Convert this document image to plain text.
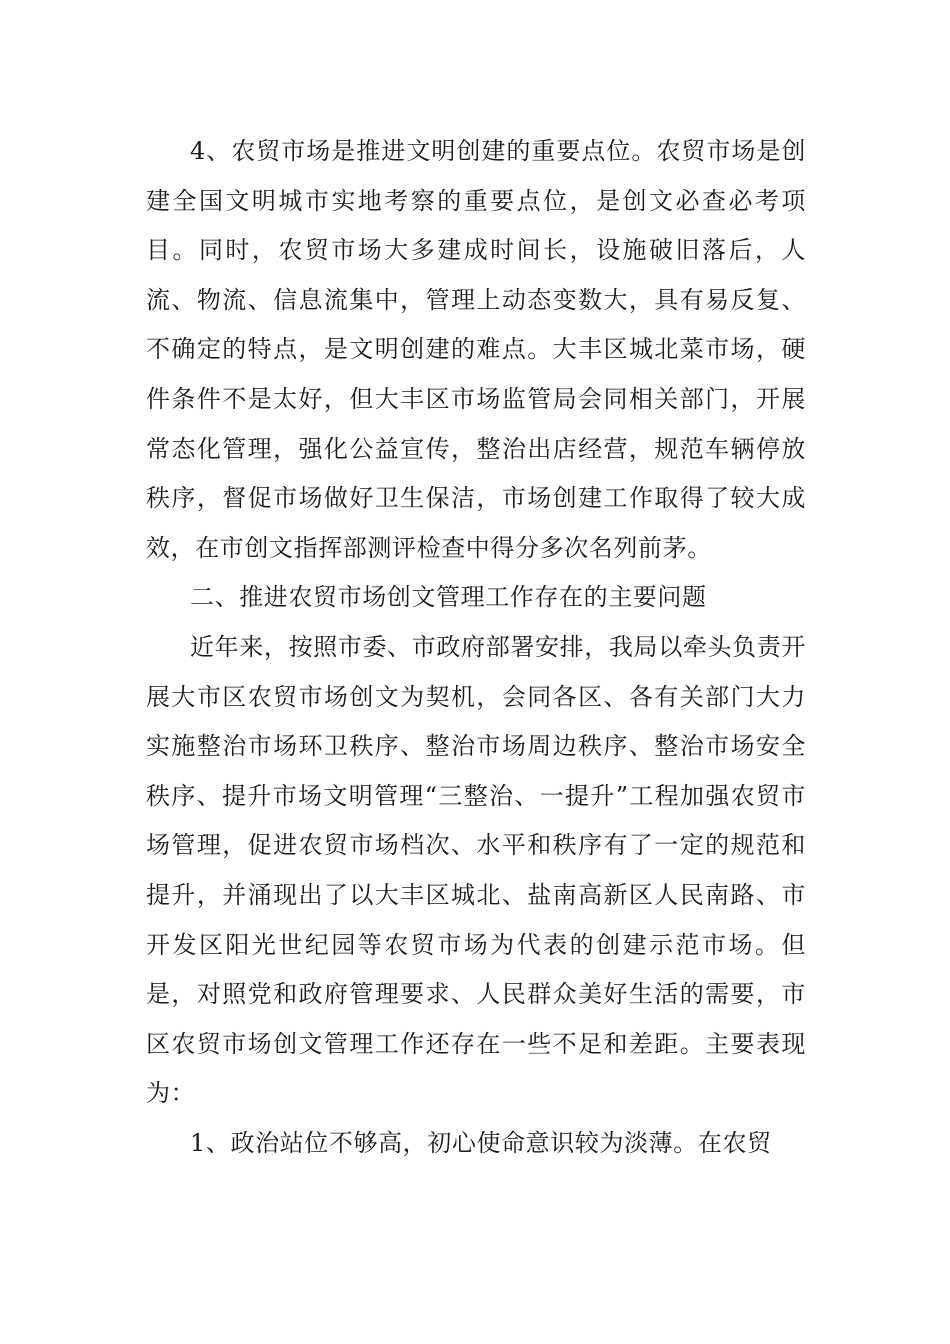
4、农贸市场是推进文明创建的重要点位。农贸市场是创建全国文明城市实地考察的重要点位，是创文必查必考项目。同时，农贸市场大多建成时间长，设施破旧落后，人流、物流、信息流集中，管理上动态变数大，具有易反复、不确定的特点，是文明创建的难点。大丰区城北菜市场，硬件条件不是太好，但大丰区市场监管局会同相关部门，开展常态化管理，强化公益宣传，整治出店经营，规范车辆停放秩序，督促市场做好卫生保洁，市场创建工作取得了较大成效，在市创文指挥部测评检查中得分多次名列前茅。

二、推进农贸市场创文管理工作存在的主要问题

近年来，按照市委、市政府部署安排，我局以牵头负责开展大市区农贸市场创文为契机，会同各区、各有关部门大力实施整治市场环卫秩序、整治市场周边秩序、整治市场安全秩序、提升市场文明管理“三整治、一提升”工程加强农贸市场管理，促进农贸市场档次、水平和秩序有了一定的规范和提升，并涌现出了以大丰区城北、盐南高新区人民南路、市开发区阳光世纪园等农贸市场为代表的创建示范市场。但是，对照党和政府管理要求、人民群众美好生活的需要，市区农贸市场创文管理工作还存在一些不足和差距。主要表现为：

1、政治站位不够高，初心使命意识较为淡薄。在农贸
